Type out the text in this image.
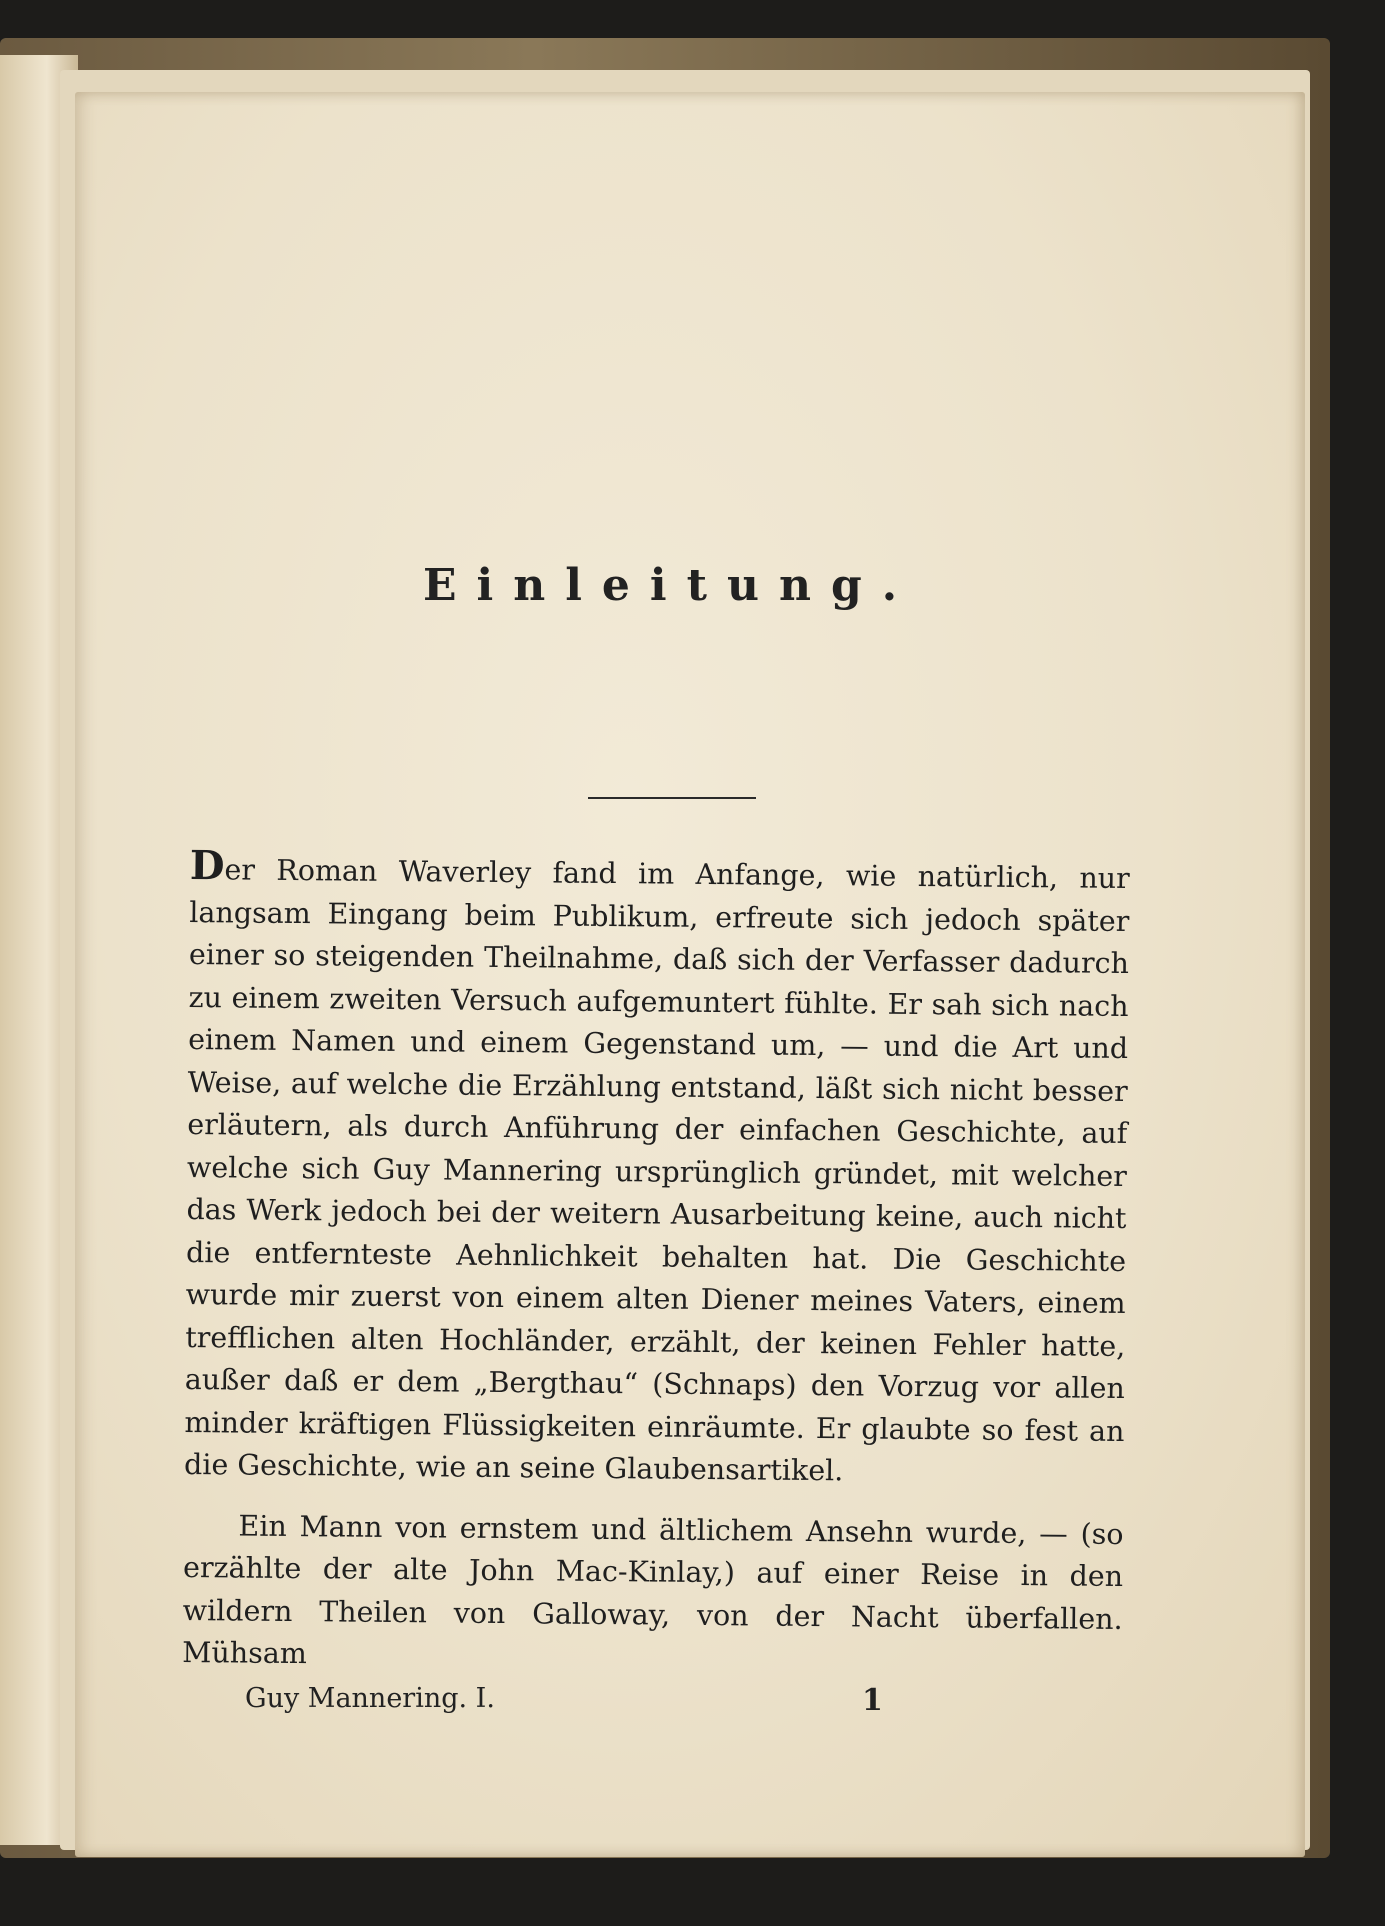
Einleitung.

Der Roman Waverley fand im Anfange, wie natürlich, nur langsam Eingang beim Publikum, erfreute sich jedoch später einer so steigenden Theilnahme, daß sich der Verfasser dadurch zu einem zweiten Versuch aufgemuntert fühlte. Er sah sich nach einem Namen und einem Gegenstand um, — und die Art und Weise, auf welche die Erzählung entstand, läßt sich nicht besser erläutern, als durch Anführung der einfachen Geschichte, auf welche sich Guy Mannering ursprünglich gründet, mit welcher das Werk jedoch bei der weitern Ausarbeitung keine, auch nicht die entfernteste Aehnlichkeit behalten hat. Die Geschichte wurde mir zuerst von einem alten Diener meines Vaters, einem trefflichen alten Hochländer, erzählt, der keinen Fehler hatte, außer daß er dem „Bergthau“ (Schnaps) den Vorzug vor allen minder kräftigen Flüssigkeiten einräumte. Er glaubte so fest an die Geschichte, wie an seine Glaubensartikel.

Ein Mann von ernstem und ältlichem Ansehn wurde, — (so erzählte der alte John Mac-Kinlay,) auf einer Reise in den wildern Theilen von Galloway, von der Nacht überfallen. Mühsam

Guy Mannering. I.	1
